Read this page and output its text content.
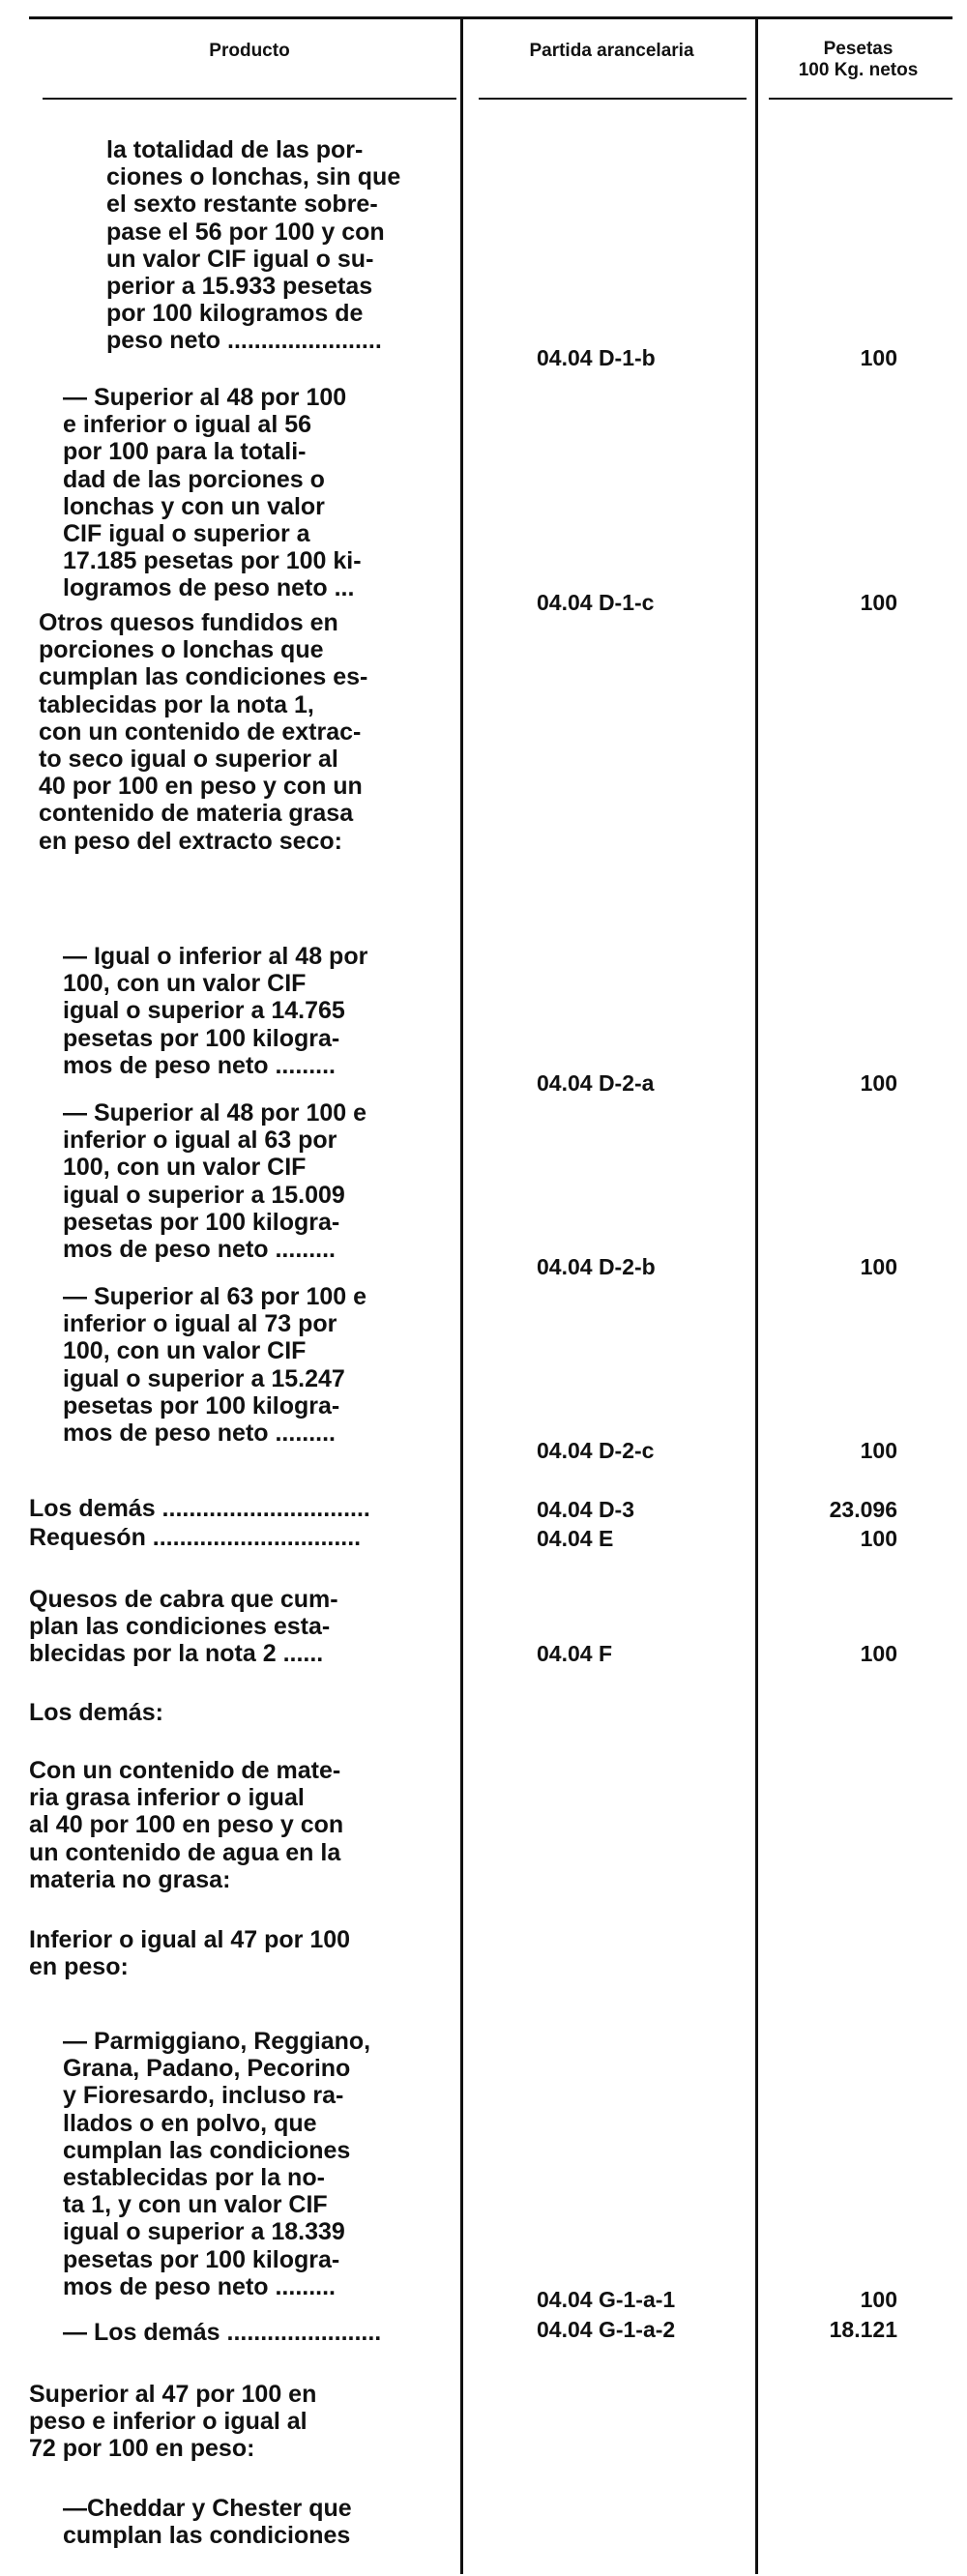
Producto	Partida arancelaria	Pesetas
100 Kg. netos
la totalidad de las por-
ciones o lonchas, sin que
el sexto restante sobre-
pase el 56 por 100 y con
un valor CIF igual o su-
perior a 15.933 pesetas
por 100 kilogramos de
peso neto .......................
04.04 D-1-b	100
— Superior al 48 por 100
e inferior o igual al 56
por 100 para la totali-
dad de las porciones o
lonchas y con un valor
CIF igual o superior a
17.185 pesetas por 100 ki-
logramos de peso neto ...
04.04 D-1-c	100
Otros quesos fundidos en
porciones o lonchas que
cumplan las condiciones es-
tablecidas por la nota 1,
con un contenido de extrac-
to seco igual o superior al
40 por 100 en peso y con un
contenido de materia grasa
en peso del extracto seco:
— Igual o inferior al 48 por
100, con un valor CIF
igual o superior a 14.765
pesetas por 100 kilogra-
mos de peso neto .........
04.04 D-2-a	100
— Superior al 48 por 100 e
inferior o igual al 63 por
100, con un valor CIF
igual o superior a 15.009
pesetas por 100 kilogra-
mos de peso neto .........
04.04 D-2-b	100
— Superior al 63 por 100 e
inferior o igual al 73 por
100, con un valor CIF
igual o superior a 15.247
pesetas por 100 kilogra-
mos de peso neto .........
04.04 D-2-c	100
Los demás ...............................	04.04 D-3	23.096
Requesón ...............................	04.04 E	100
Quesos de cabra que cum-
plan las condiciones esta-
blecidas por la nota 2 ......	04.04 F	100
Los demás:
Con un contenido de mate-
ria grasa inferior o igual
al 40 por 100 en peso y con
un contenido de agua en la
materia no grasa:
Inferior o igual al 47 por 100
en peso:
— Parmiggiano, Reggiano,
Grana, Padano, Pecorino
y Fioresardo, incluso ra-
llados o en polvo, que
cumplan las condiciones
establecidas por la no-
ta 1, y con un valor CIF
igual o superior a 18.339
pesetas por 100 kilogra-
mos de peso neto .........	04.04 G-1-a-1	100
— Los demás .......................	04.04 G-1-a-2	18.121
Superior al 47 por 100 en
peso e inferior o igual al
72 por 100 en peso:
—Cheddar y Chester que
cumplan las condiciones
